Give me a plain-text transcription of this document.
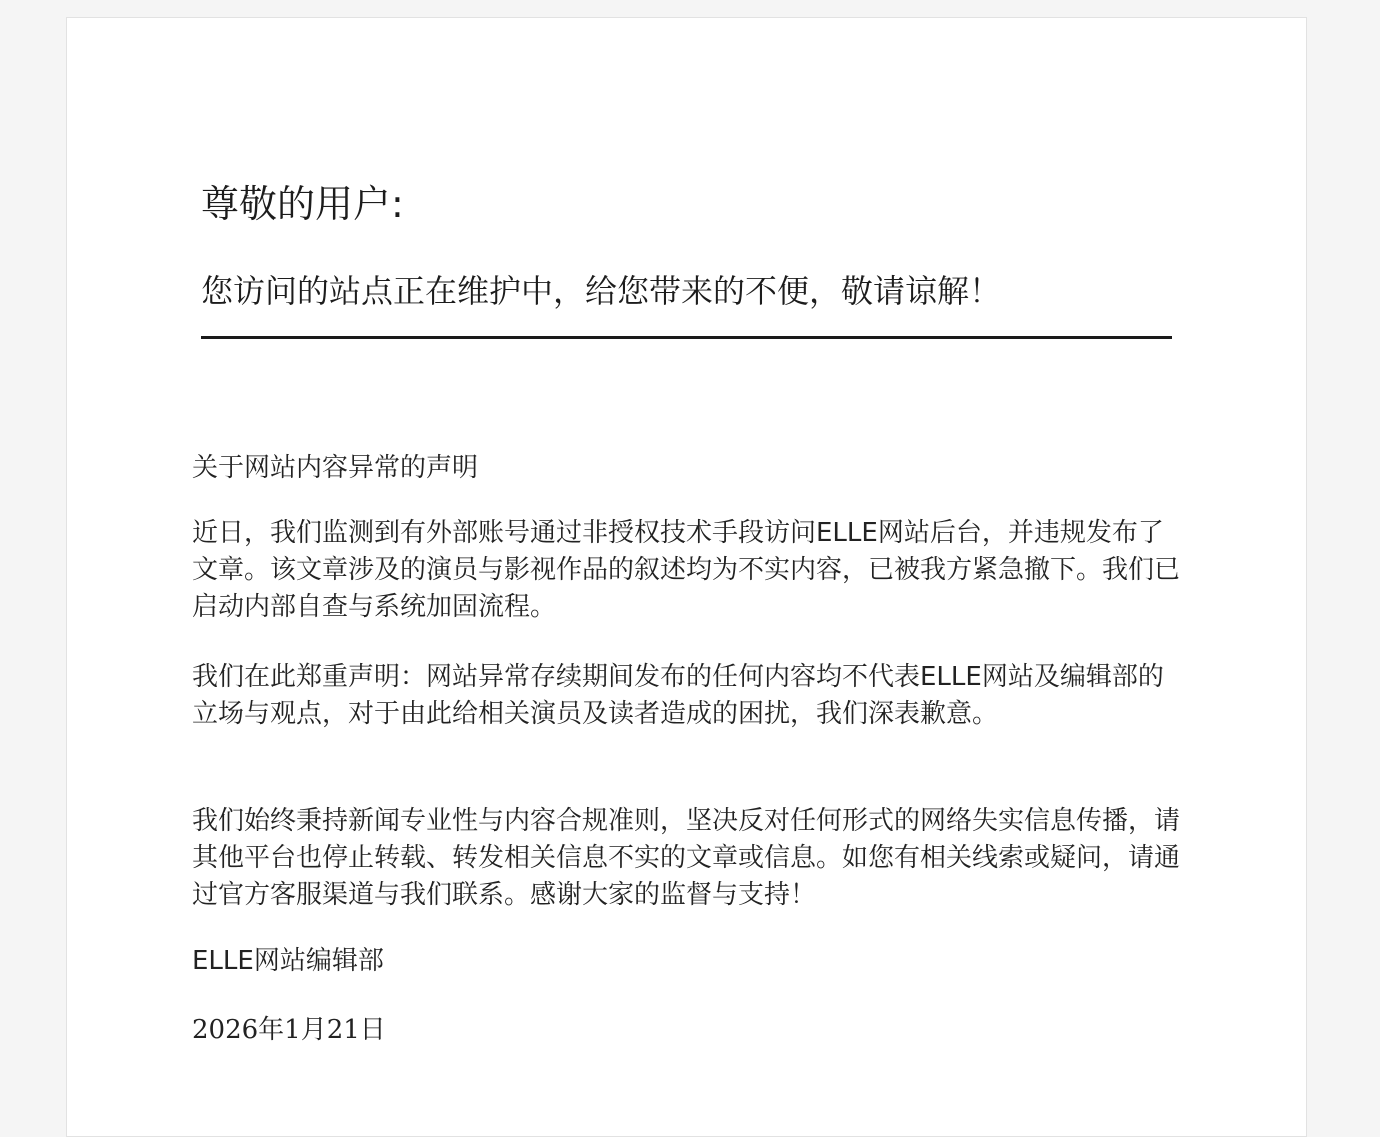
尊敬的用户:

您访问的站点正在维护中，给您带来的不便，敬请谅解！

关于网站内容异常的声明

近日，我们监测到有外部账号通过非授权技术手段访问ELLE网站后台，并违规发布了文章。该文章涉及的演员与影视作品的叙述均为不实内容，已被我方紧急撤下。我们已启动内部自查与系统加固流程。

我们在此郑重声明：网站异常存续期间发布的任何内容均不代表ELLE网站及编辑部的立场与观点，对于由此给相关演员及读者造成的困扰，我们深表歉意。

我们始终秉持新闻专业性与内容合规准则，坚决反对任何形式的网络失实信息传播，请其他平台也停止转载、转发相关信息不实的文章或信息。如您有相关线索或疑问，请通过官方客服渠道与我们联系。感谢大家的监督与支持！

ELLE网站编辑部

2026年1月21日
